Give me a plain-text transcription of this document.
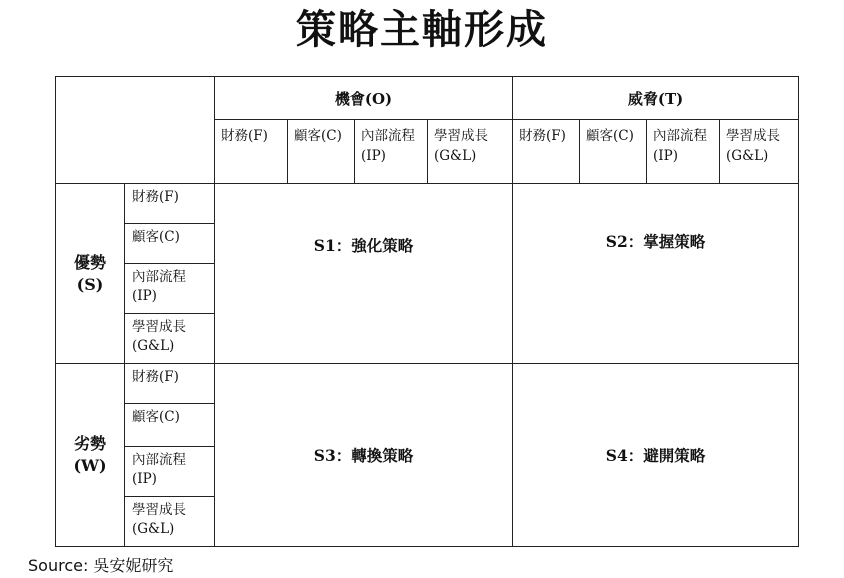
策略主軸形成
		機會(O)				威脅(T)			
		財務(F)	顧客(C)	內部流程(IP)	學習成長(G&L)	財務(F)	顧客(C)	內部流程(IP)	學習成長(G&L)

優勢
(S)	財務(F)	S1：強化策略				S2：掌握策略			
	顧客(C)								
	內部流程(IP)								
	學習成長(G&L)								

劣勢
(W)	財務(F)	S3：轉換策略				S4：避開策略			
	顧客(C)								
	內部流程(IP)								
	學習成長(G&L)								
Source: 吳安妮研究
